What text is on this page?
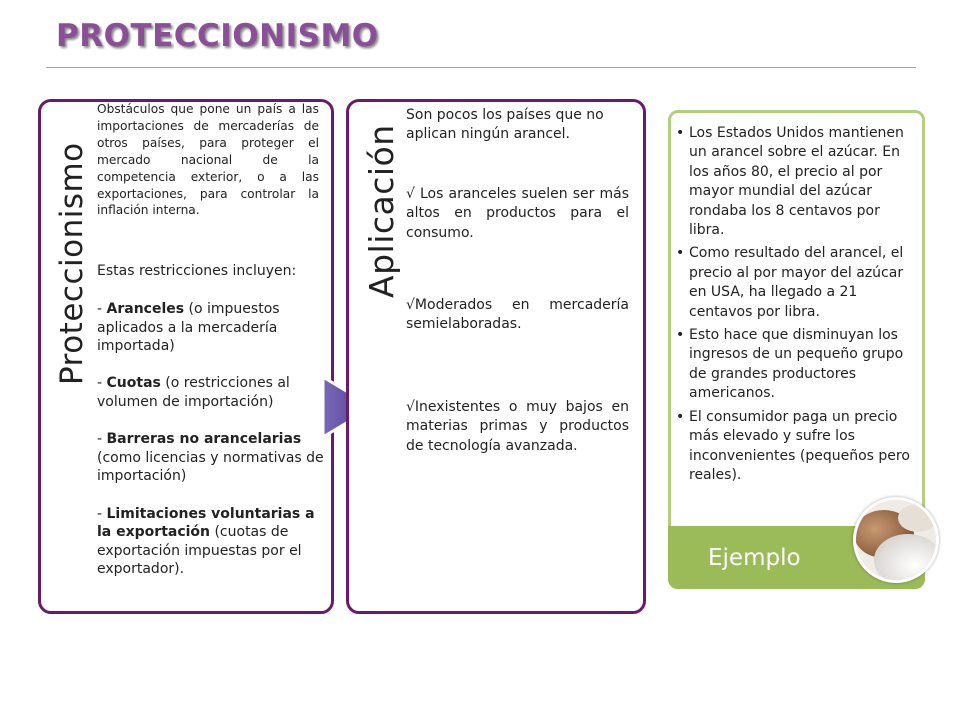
PROTECCIONISMO
Proteccionismo

Obstáculos que pone un país a las importaciones de mercaderías de otros países, para proteger el mercado nacional de la competencia exterior, o a las exportaciones, para controlar la inflación interna.

Estas restricciones incluyen:

- Aranceles (o impuestos aplicados a la mercadería importada)
- Cuotas (o restricciones al volumen de importación)
- Barreras no arancelarias (como licencias y normativas de importación)
- Limitaciones voluntarias a la exportación (cuotas de exportación impuestas por el exportador).
Aplicación

Son pocos los países que no aplican ningún arancel.

√ Los aranceles suelen ser más altos en productos para el consumo.

√Moderados en mercadería semielaboradas.

√Inexistentes o muy bajos en materias primas y productos de tecnología avanzada.

• Los Estados Unidos mantienen un arancel sobre el azúcar. En los años 80, el precio al por mayor mundial del azúcar rondaba los 8 centavos por libra.
• Como resultado del arancel, el precio al por mayor del azúcar en USA, ha llegado a 21 centavos por libra.
• Esto hace que disminuyan los ingresos de un pequeño grupo de grandes productores americanos.
• El consumidor paga un precio más elevado y sufre los inconvenientes (pequeños pero reales).

Ejemplo
